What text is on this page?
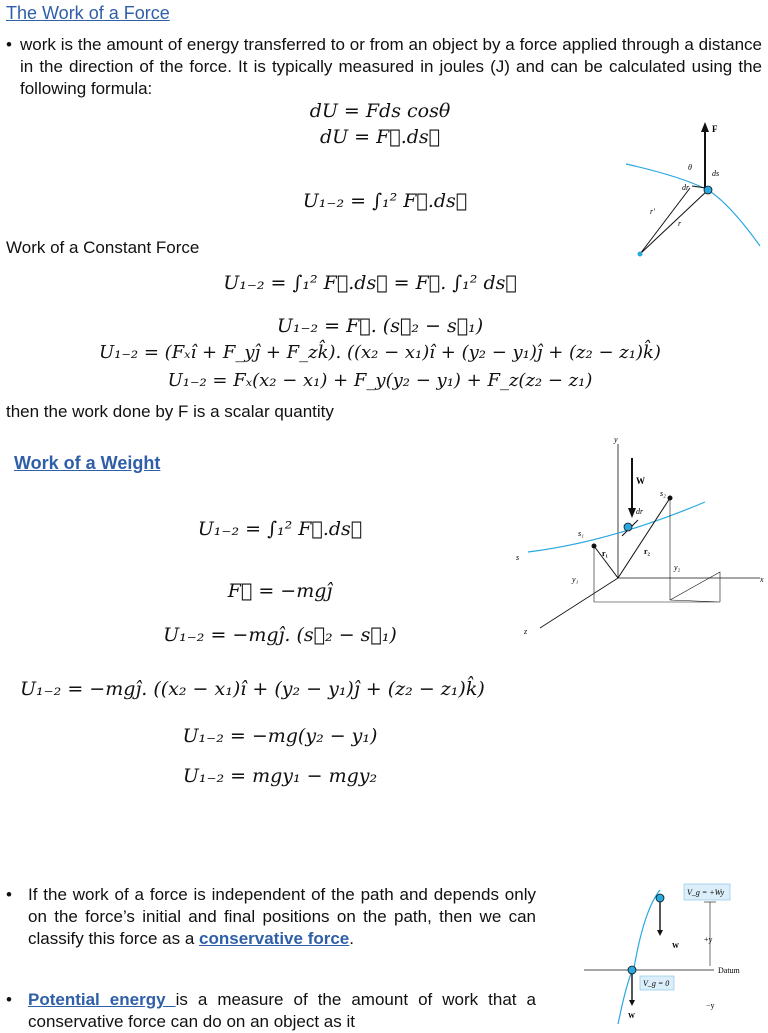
The Work of a Force
• work is the amount of energy transferred to or from an object by a force applied through a distance in the direction of the force. It is typically measured in joules (J) and can be calculated using the following formula:
dU = Fds cosθ
dU = F⃗.ds⃗
U₁₋₂ = ∫₁² F⃗.ds⃗
F
θ
ds
dr
r′
r
Work of a Constant Force
U₁₋₂ = ∫₁² F⃗.ds⃗ = F⃗. ∫₁² ds⃗
U₁₋₂ = F⃗. (s⃗₂ − s⃗₁)
U₁₋₂ = (Fₓî + F_yĵ + F_zk̂). ((x₂ − x₁)î + (y₂ − y₁)ĵ + (z₂ − z₁)k̂)
U₁₋₂ = Fₓ(x₂ − x₁) + F_y(y₂ − y₁) + F_z(z₂ − z₁)
then the work done by F is a scalar quantity
Work of a Weight
U₁₋₂ = ∫₁² F⃗.ds⃗
F⃗ = −mgĵ
U₁₋₂ = −mgĵ. (s⃗₂ − s⃗₁)
U₁₋₂ = −mgĵ. ((x₂ − x₁)î + (y₂ − y₁)ĵ + (z₂ − z₁)k̂)
U₁₋₂ = −mg(y₂ − y₁)
U₁₋₂ = mgy₁ − mgy₂
y
W
s₂
dr
s₁
r₁	r₂
s
y₁
y₂
x
z
• If the work of a force is independent of the path and depends only on the force’s initial and final positions on the path, then we can classify this force as a conservative force.
• Potential energy is a measure of the amount of work that a conservative force can do on an object as it
V_g = +Wy
+y
W
Datum
V_g = 0
−y
W
